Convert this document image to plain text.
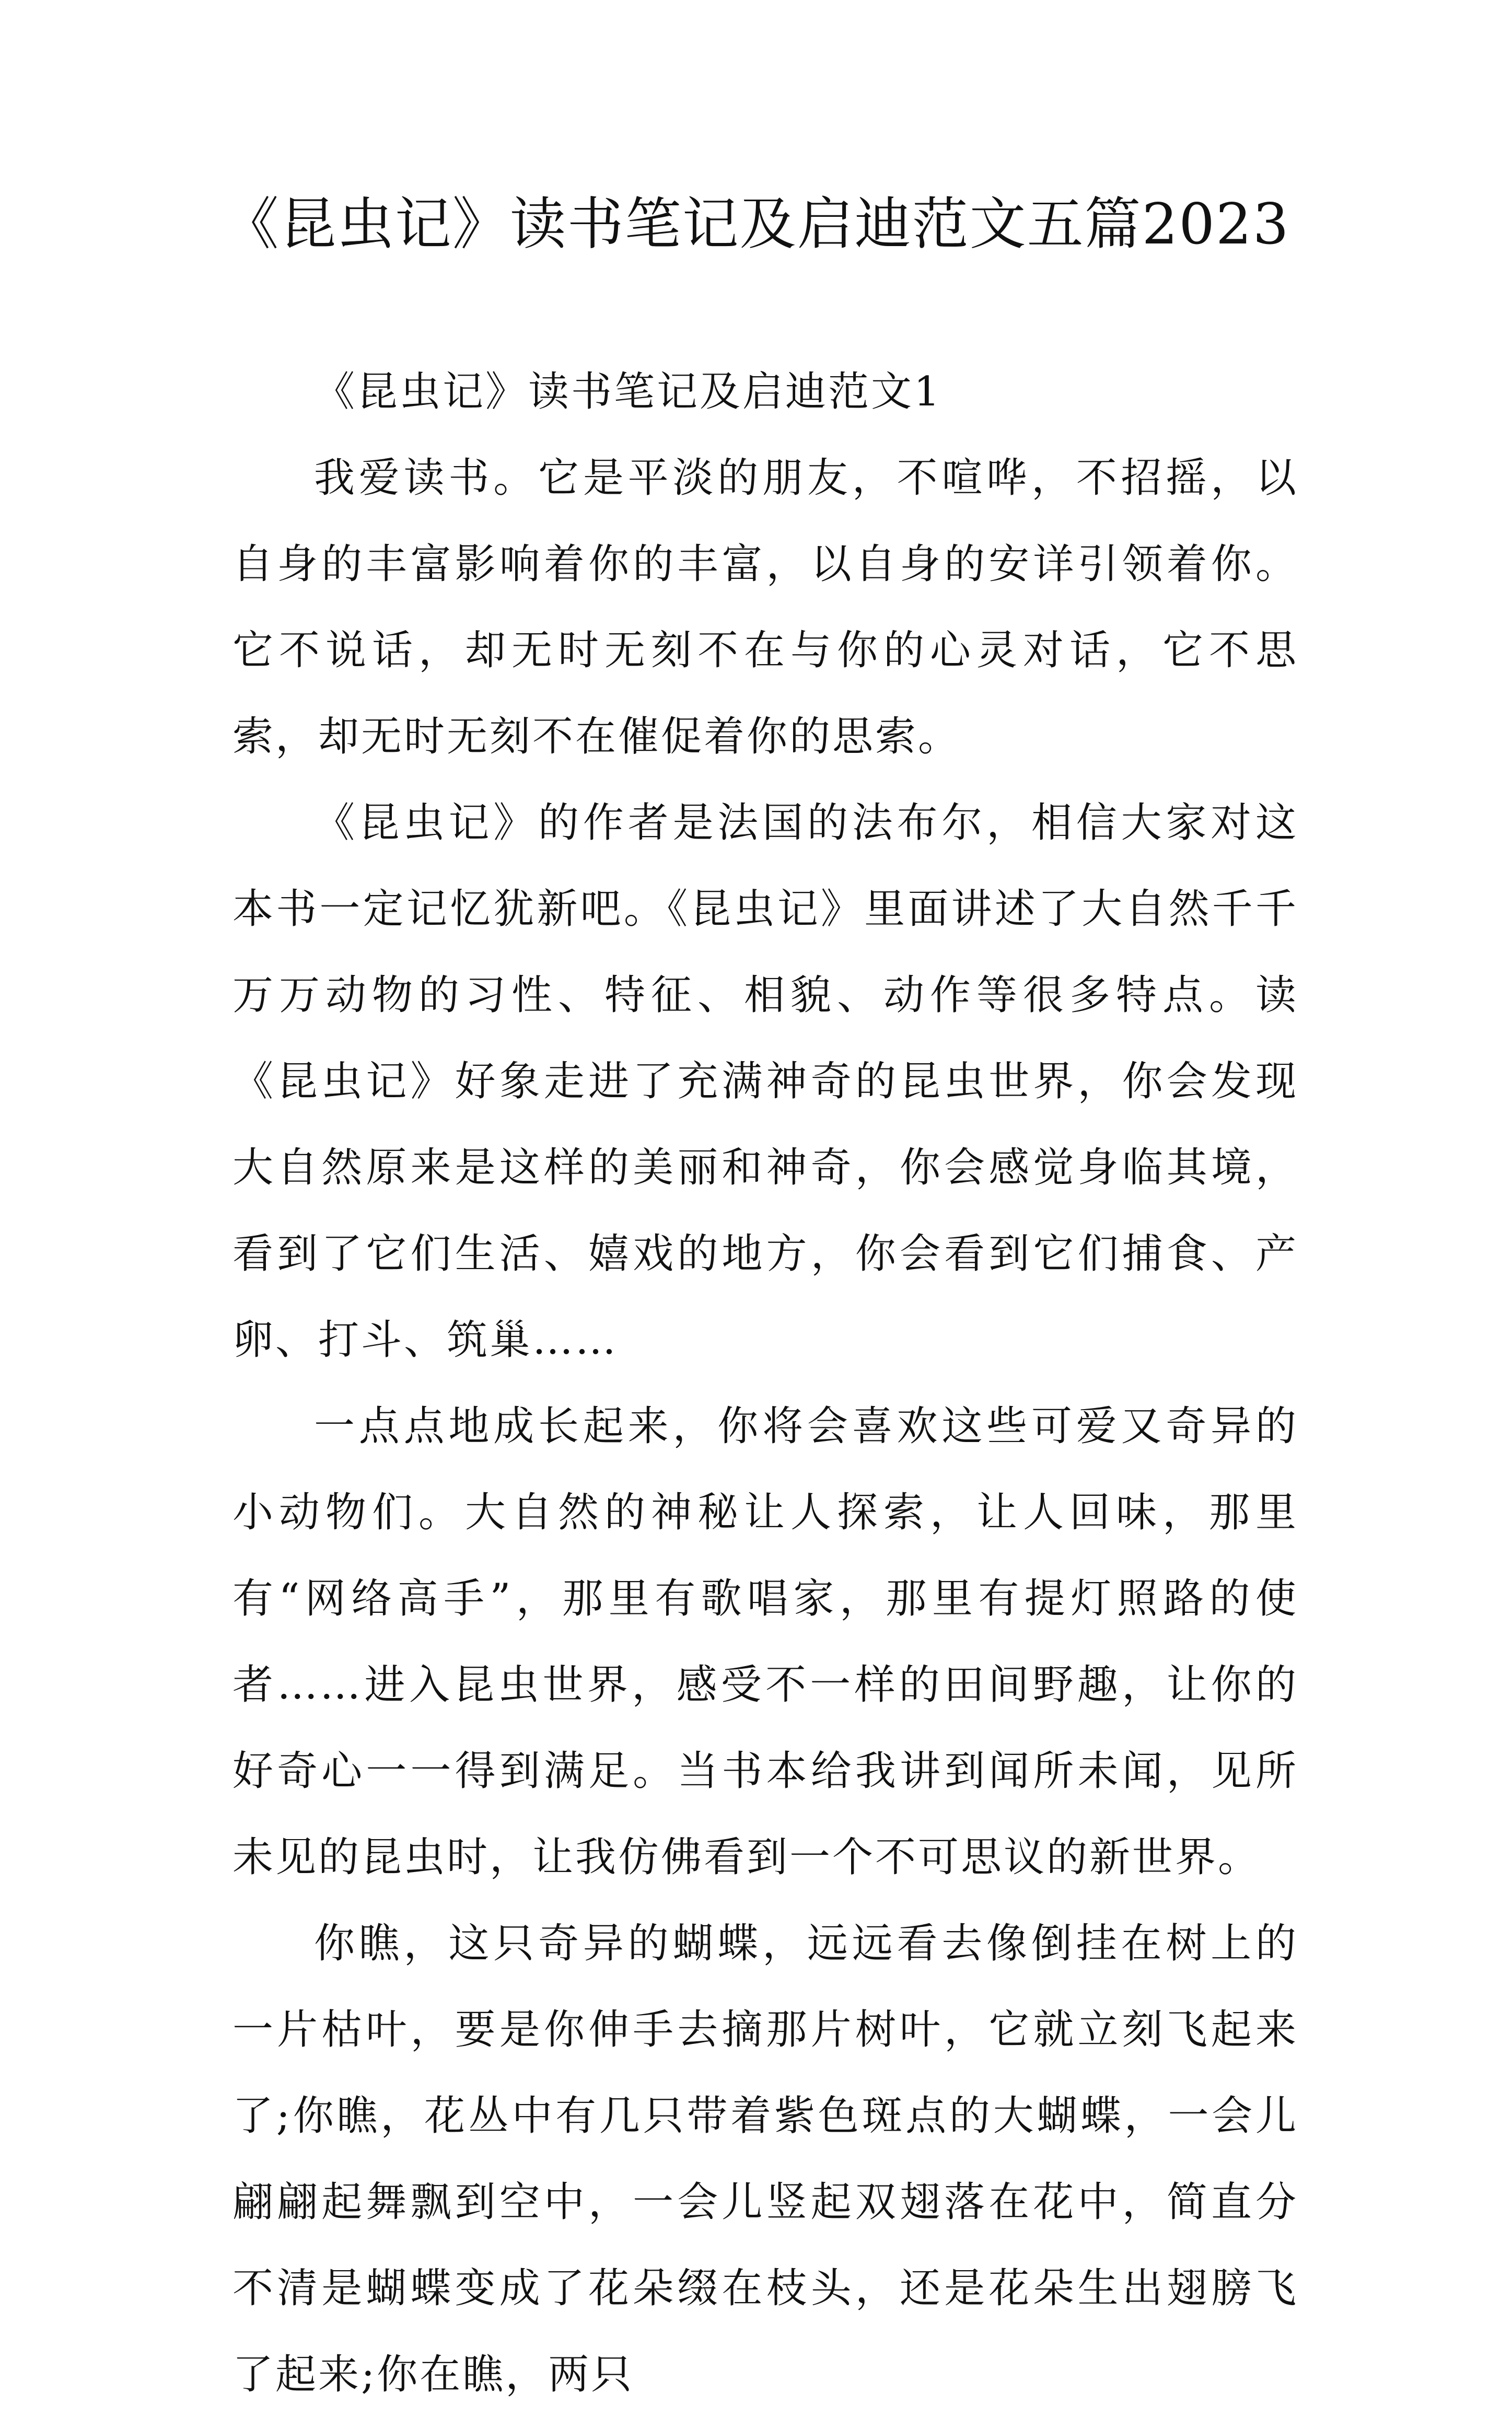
《昆虫记》读书笔记及启迪范文五篇2023

《昆虫记》读书笔记及启迪范文1

我爱读书。它是平淡的朋友，不喧哗，不招摇，以自身的丰富影响着你的丰富，以自身的安详引领着你。它不说话，却无时无刻不在与你的心灵对话，它不思索，却无时无刻不在催促着你的思索。

《昆虫记》的作者是法国的法布尔，相信大家对这本书一定记忆犹新吧。《昆虫记》里面讲述了大自然千千万万动物的习性、特征、相貌、动作等很多特点。读《昆虫记》好象走进了充满神奇的昆虫世界，你会发现大自然原来是这样的美丽和神奇，你会感觉身临其境，看到了它们生活、嬉戏的地方，你会看到它们捕食、产卵、打斗、筑巢……

一点点地成长起来，你将会喜欢这些可爱又奇异的小动物们。大自然的神秘让人探索，让人回味，那里有“网络高手”，那里有歌唱家，那里有提灯照路的使者……进入昆虫世界，感受不一样的田间野趣，让你的好奇心一一得到满足。当书本给我讲到闻所未闻，见所未见的昆虫时，让我仿佛看到一个不可思议的新世界。

你瞧，这只奇异的蝴蝶，远远看去像倒挂在树上的一片枯叶，要是你伸手去摘那片树叶，它就立刻飞起来了;你瞧，花丛中有几只带着紫色斑点的大蝴蝶，一会儿翩翩起舞飘到空中，一会儿竖起双翅落在花中，简直分不清是蝴蝶变成了花朵缀在枝头，还是花朵生出翅膀飞了起来;你在瞧，两只
